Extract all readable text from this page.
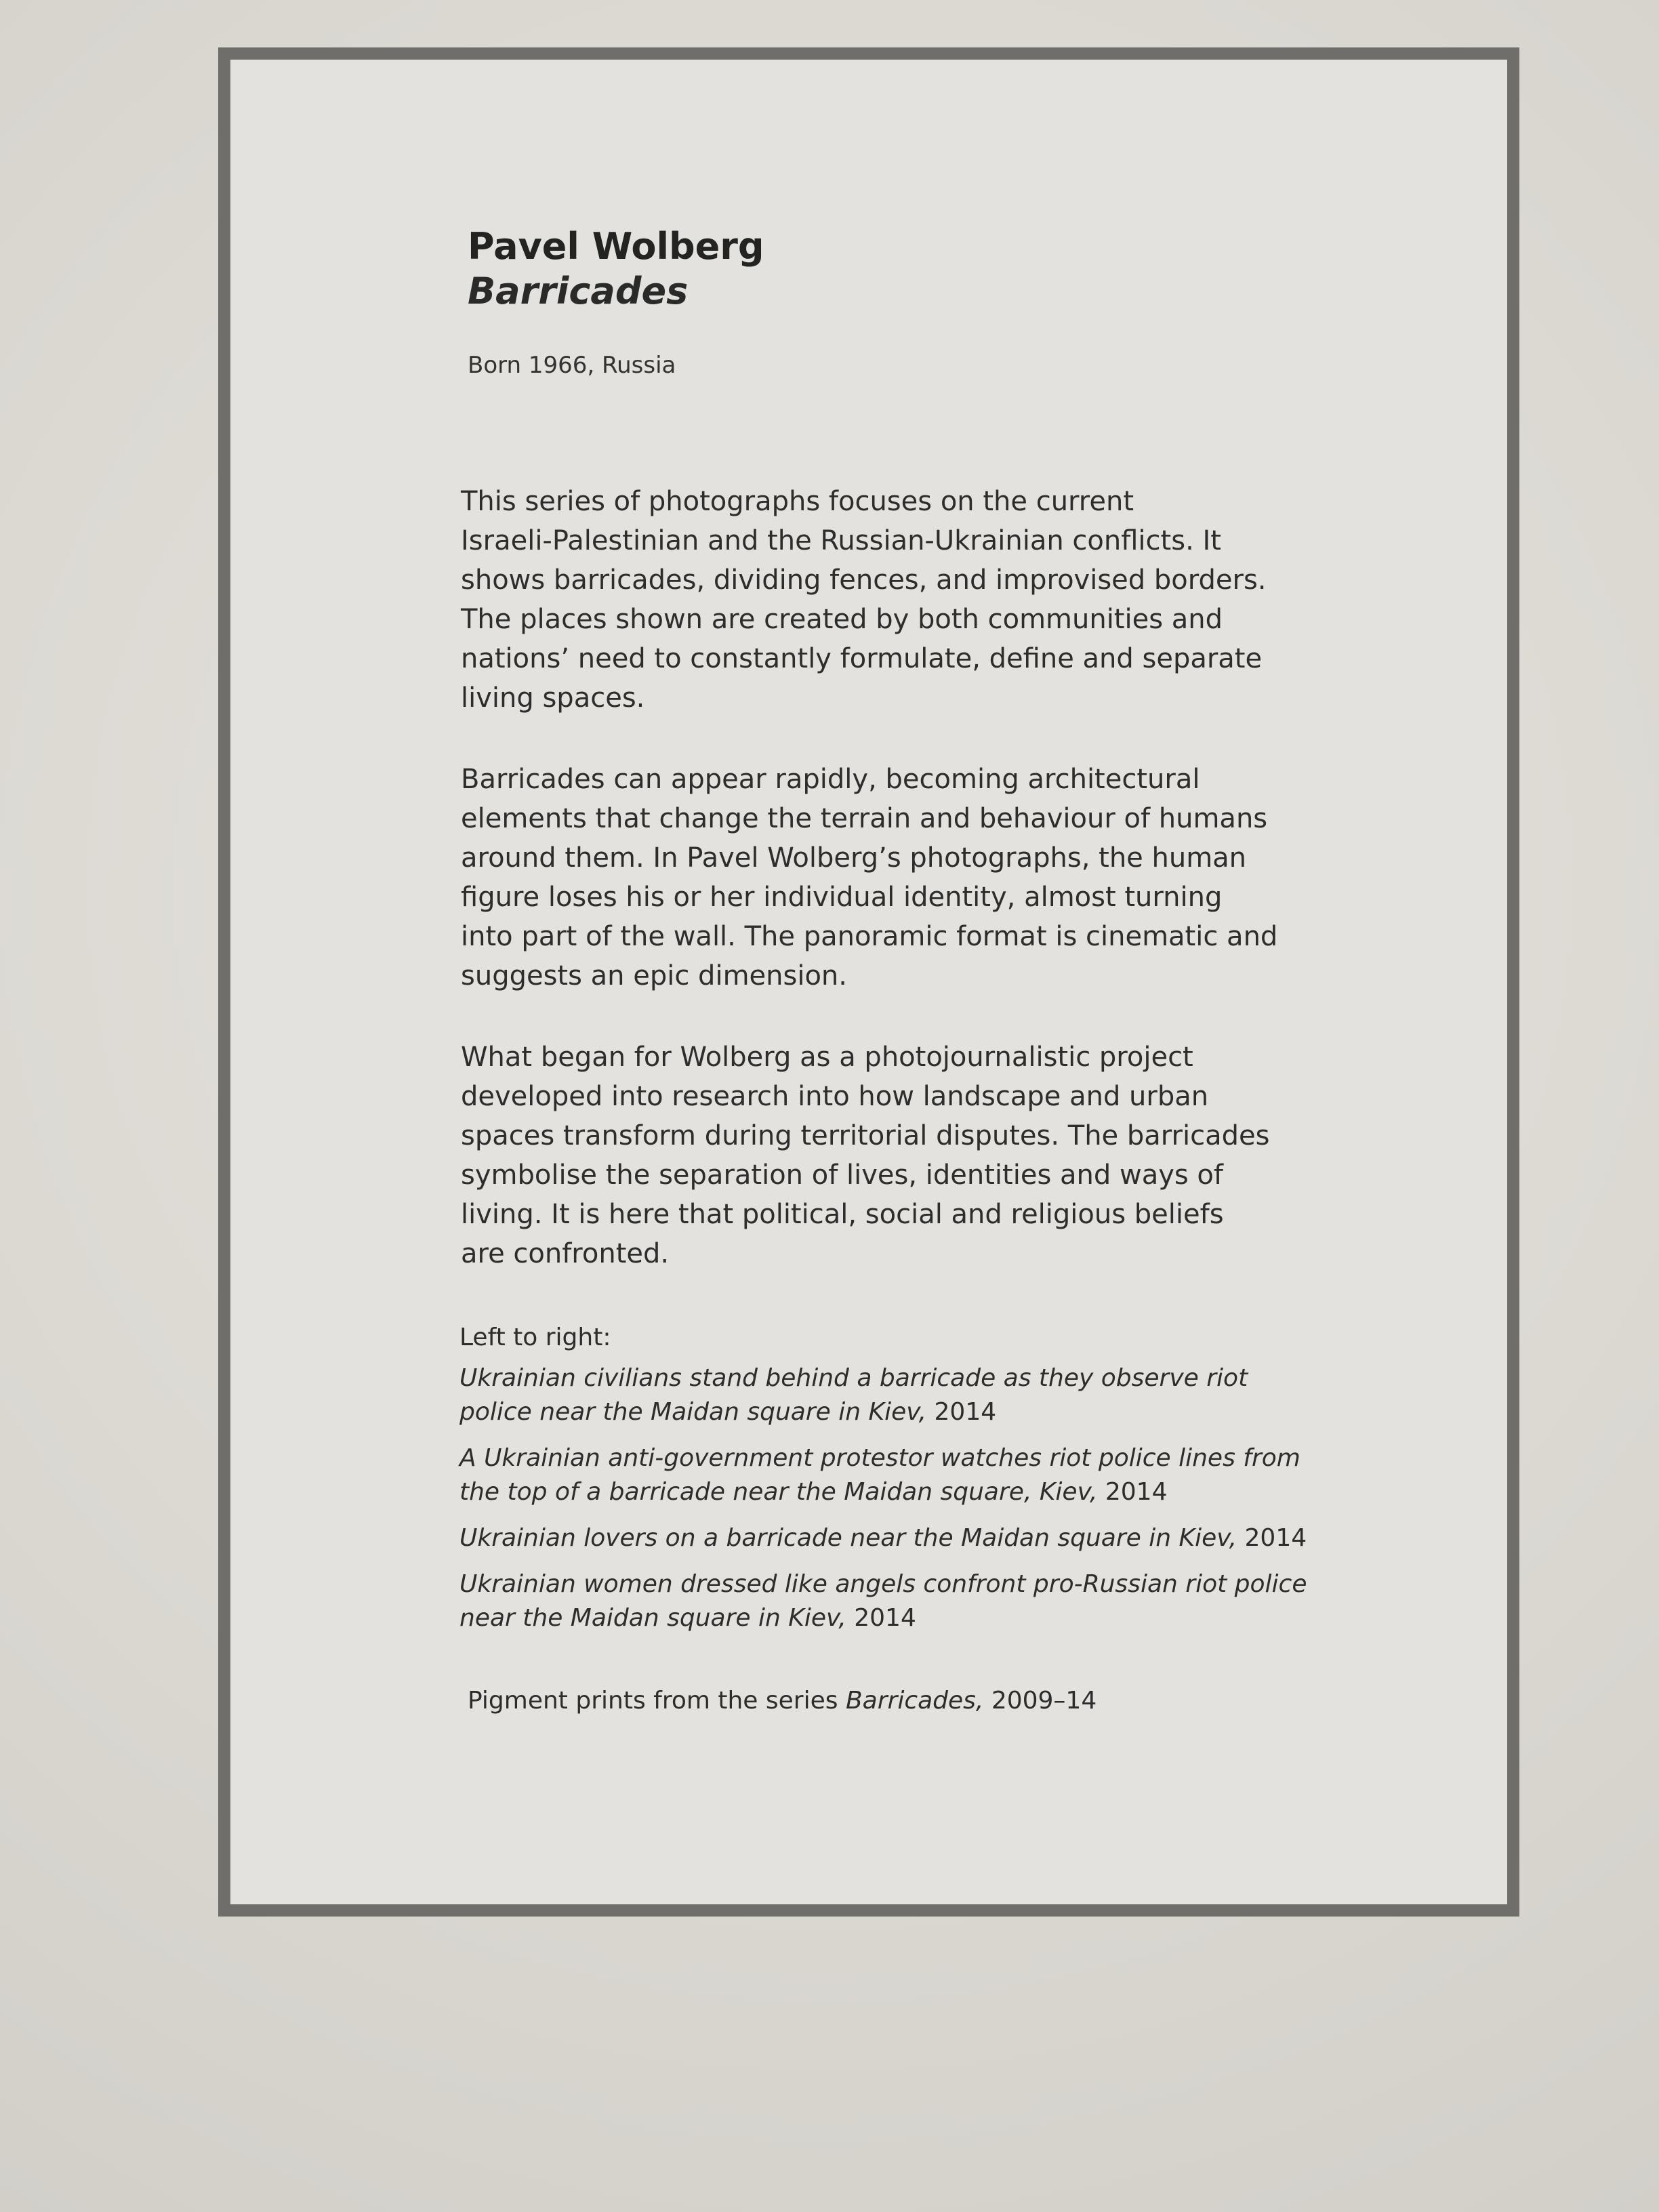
Pavel Wolberg
Barricades
Born 1966, Russia

This series of photographs focuses on the current
Israeli-Palestinian and the Russian-Ukrainian conflicts. It
shows barricades, dividing fences, and improvised borders.
The places shown are created by both communities and
nations’ need to constantly formulate, define and separate
living spaces.

Barricades can appear rapidly, becoming architectural
elements that change the terrain and behaviour of humans
around them. In Pavel Wolberg’s photographs, the human
figure loses his or her individual identity, almost turning
into part of the wall. The panoramic format is cinematic and
suggests an epic dimension.

What began for Wolberg as a photojournalistic project
developed into research into how landscape and urban
spaces transform during territorial disputes. The barricades
symbolise the separation of lives, identities and ways of
living. It is here that political, social and religious beliefs
are confronted.

Left to right:
Ukrainian civilians stand behind a barricade as they observe riot
police near the Maidan square in Kiev, 2014
A Ukrainian anti-government protestor watches riot police lines from
the top of a barricade near the Maidan square, Kiev, 2014
Ukrainian lovers on a barricade near the Maidan square in Kiev, 2014
Ukrainian women dressed like angels confront pro-Russian riot police
near the Maidan square in Kiev, 2014
Pigment prints from the series Barricades, 2009–14
